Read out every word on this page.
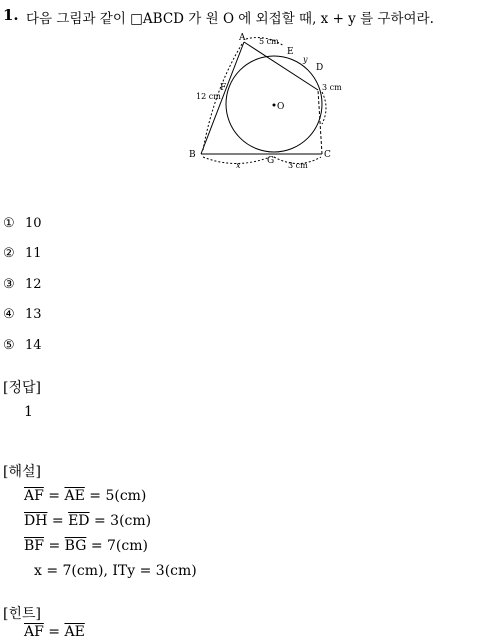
1. 다음 그림과 같이 □ABCD 가 원 O 에 외접할 때, x + y 를 구하여라.
A
B	C
D
E
F
G
O
5 cm
3 cm
12 cm
3 cm
x
y
① 10
② 11
③ 12
④ 13
⑤ 14
[정답]
1
[해설]
$\overline{AF} = \overline{AE} = 5(cm)$
$\overline{DH} = \overline{ED} = 3(cm)$
$\overline{BF} = \overline{BG} = 7(cm)$
x = 7(cm), ITy = 3(cm)
[힌트]
$\overline{AF} = \overline{AE}$
